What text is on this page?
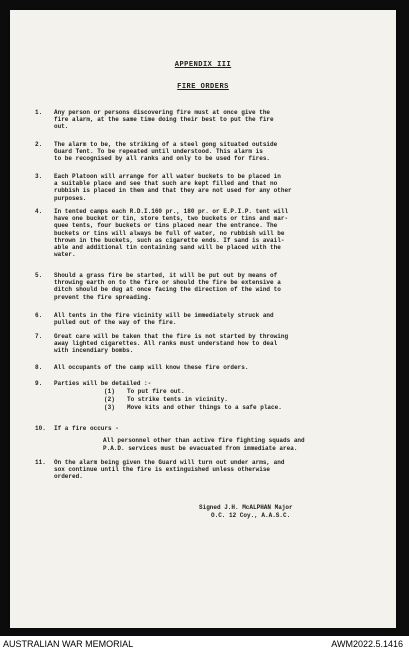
APPENDIX III
FIRE ORDERS
1.	Any person or persons discovering fire must at once give the
fire alarm, at the same time doing their best to put the fire
out.
2.	The alarm to be, the striking of a steel gong situated outside
Guard Tent. To be repeated until understood. This alarm is
to be recognised by all ranks and only to be used for fires.
3.	Each Platoon will arrange for all water buckets to be placed in
a suitable place and see that such are kept filled and that no
rubbish is placed in them and that they are not used for any other
purposes.
4.	In tented camps each R.D.I.160 pr., 180 pr. or E.P.I.P. tent will
have one bucket or tin, store tents, two buckets or tins and mar-
quee tents, four buckets or tins placed near the entrance. The
buckets or tins will always be full of water, no rubbish will be
thrown in the buckets, such as cigarette ends. If sand is avail-
able and additional tin containing sand will be placed with the
water.
5.	Should a grass fire be started, it will be put out by means of
throwing earth on to the fire or should the fire be extensive a
ditch should be dug at once facing the direction of the wind to
prevent the fire spreading.
6.	All tents in the fire vicinity will be immediately struck and
pulled out of the way of the fire.
7.	Great care will be taken that the fire is not started by throwing
away lighted cigarettes. All ranks must understand how to deal
with incendiary bombs.
8.	All occupants of the camp will know these fire orders.
9.	Parties will be detailed :-
10.	If a fire occurs -
11.	On the alarm being given the Guard will turn out under arms, and
sox continue until the fire is extinguished unless otherwise
ordered.
(1) To put fire out.
(2) To strike tents in vicinity.
(3) Move kits and other things to a safe place.
All personnel other than active fire fighting squads and
P.A.D. services must be evacuated from immediate area.
Signed J.H. McALPHAN Major
O.C. 12 Coy., A.A.S.C.
AUSTRALIAN WAR MEMORIAL	AWM2022.5.1416
